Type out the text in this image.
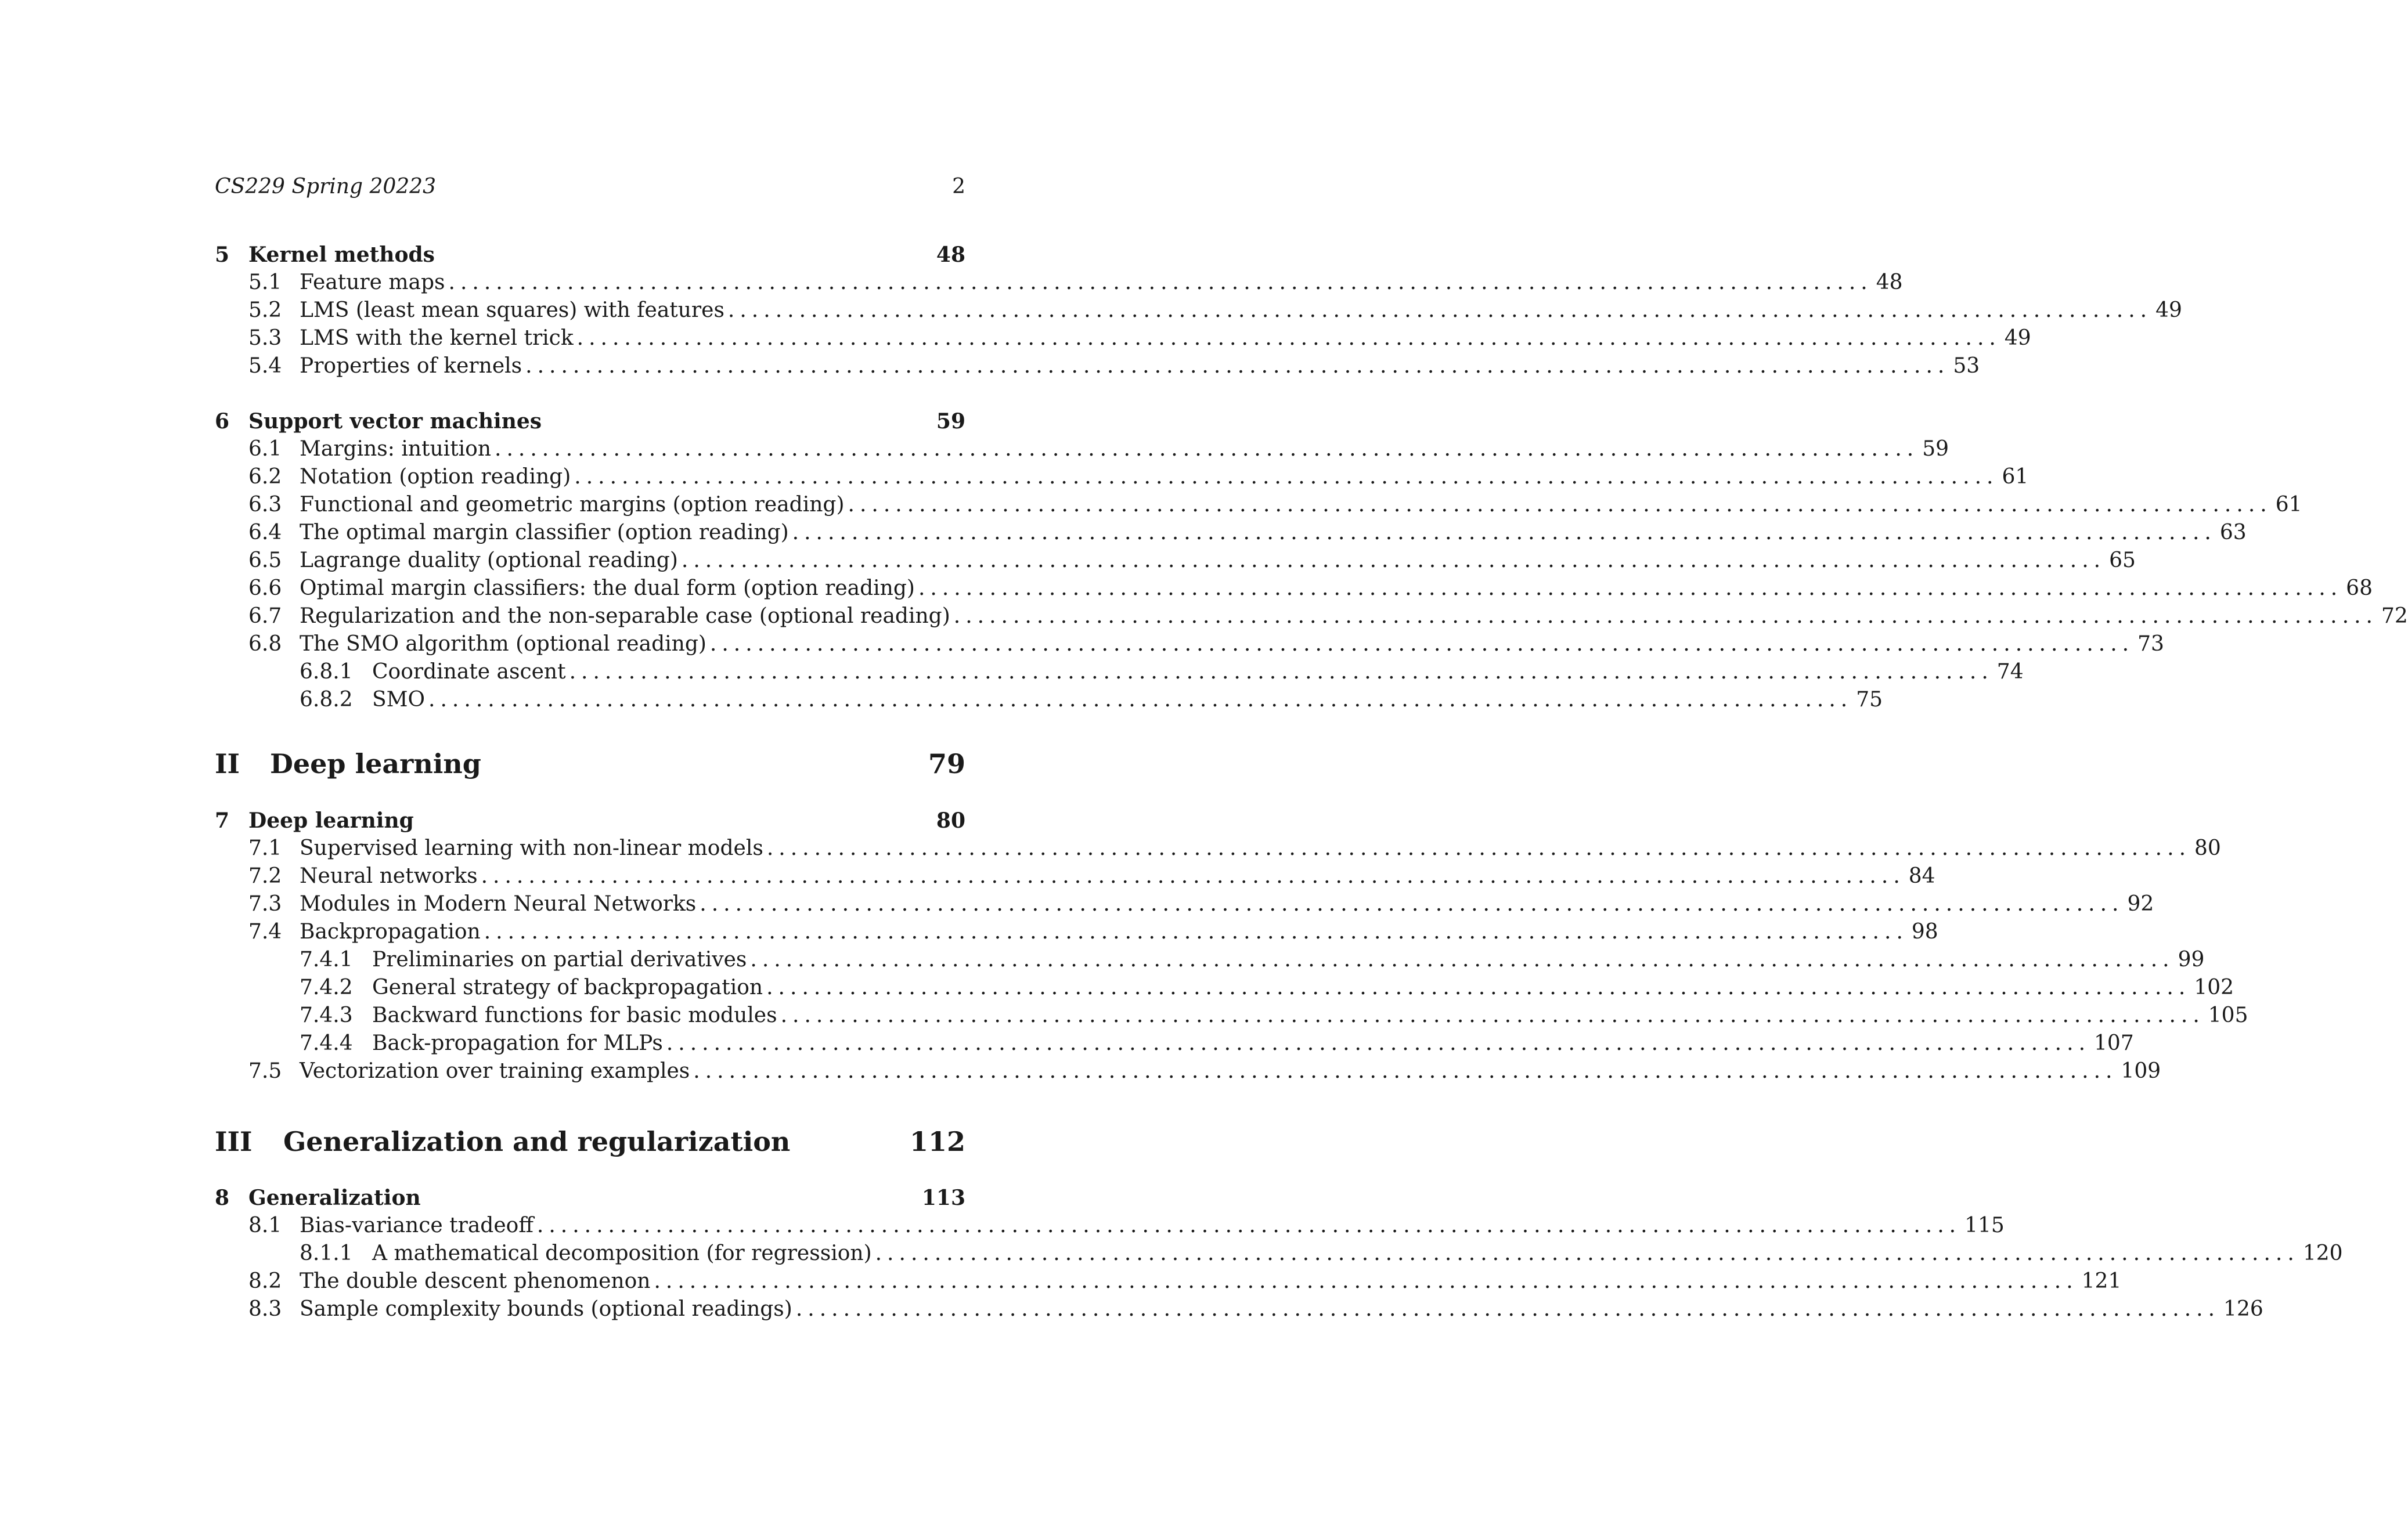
CS229 Spring 20223	2
5 Kernel methods	48
5.1 Feature maps ........................................................................................................................ 48
5.2 LMS (least mean squares) with features ........................................................................................................................ 49
5.3 LMS with the kernel trick ........................................................................................................................ 49
5.4 Properties of kernels ........................................................................................................................ 53
6 Support vector machines	59
6.1 Margins: intuition ........................................................................................................................ 59
6.2 Notation (option reading) ........................................................................................................................ 61
6.3 Functional and geometric margins (option reading) ........................................................................................................................ 61
6.4 The optimal margin classifier (option reading) ........................................................................................................................ 63
6.5 Lagrange duality (optional reading) ........................................................................................................................ 65
6.6 Optimal margin classifiers: the dual form (option reading) ........................................................................................................................ 68
6.7 Regularization and the non-separable case (optional reading) ........................................................................................................................ 72
6.8 The SMO algorithm (optional reading) ........................................................................................................................ 73
6.8.1 Coordinate ascent ........................................................................................................................ 74
6.8.2 SMO ........................................................................................................................ 75
II	Deep learning	79
7 Deep learning	80
7.1 Supervised learning with non-linear models ........................................................................................................................ 80
7.2 Neural networks ........................................................................................................................ 84
7.3 Modules in Modern Neural Networks ........................................................................................................................ 92
7.4 Backpropagation ........................................................................................................................ 98
7.4.1 Preliminaries on partial derivatives ........................................................................................................................ 99
7.4.2 General strategy of backpropagation ........................................................................................................................ 102
7.4.3 Backward functions for basic modules ........................................................................................................................ 105
7.4.4 Back-propagation for MLPs ........................................................................................................................ 107
7.5 Vectorization over training examples ........................................................................................................................ 109
III	Generalization and regularization	112
8 Generalization	113
8.1 Bias-variance tradeoff ........................................................................................................................ 115
8.1.1 A mathematical decomposition (for regression) ........................................................................................................................ 120
8.2 The double descent phenomenon ........................................................................................................................ 121
8.3 Sample complexity bounds (optional readings) ........................................................................................................................ 126
